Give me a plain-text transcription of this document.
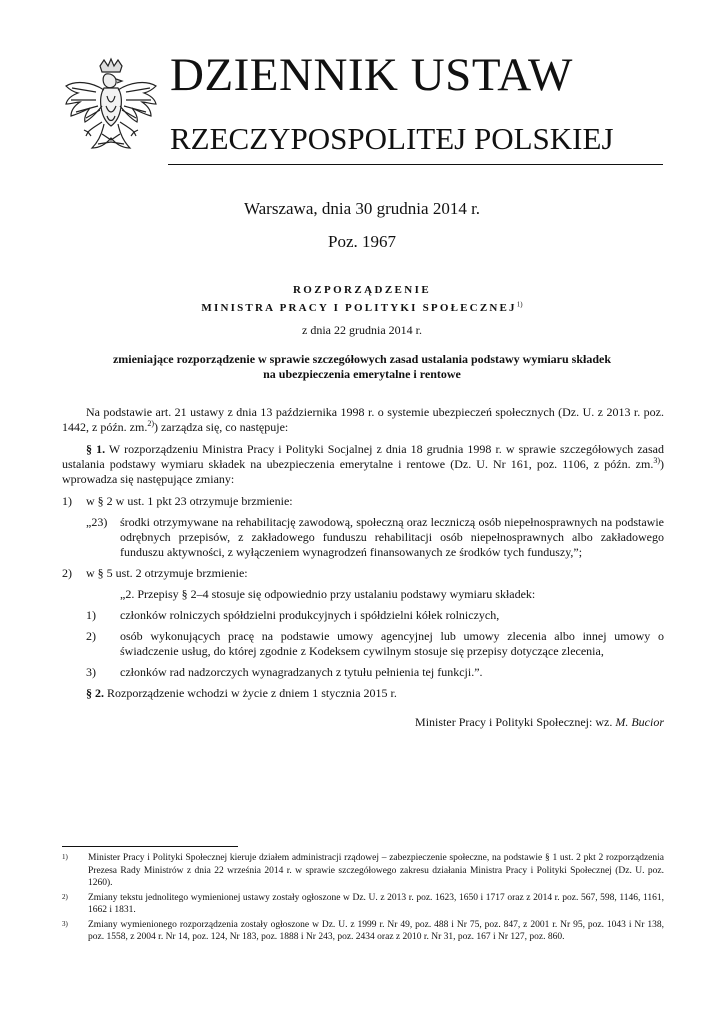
DZIENNIK USTAW
RZECZYPOSPOLITEJ POLSKIEJ
Warszawa, dnia 30 grudnia 2014 r.
Poz. 1967
ROZPORZĄDZENIE
MINISTRA PRACY I POLITYKI SPOŁECZNEJ$^{1)}$
z dnia 22 grudnia 2014 r.
zmieniające rozporządzenie w sprawie szczegółowych zasad ustalania podstawy wymiaru składek
na ubezpieczenia emerytalne i rentowe

Na podstawie art. 21 ustawy z dnia 13 października 1998 r. o systemie ubezpieczeń społecznych (Dz. U. z 2013 r. poz. 1442, z późn. zm.$^{2)}$) zarządza się, co następuje:

§ 1. W rozporządzeniu Ministra Pracy i Polityki Socjalnej z dnia 18 grudnia 1998 r. w sprawie szczegółowych zasad ustalania podstawy wymiaru składek na ubezpieczenia emerytalne i rentowe (Dz. U. Nr 161, poz. 1106, z późn. zm.$^{3)}$) wprowadza się następujące zmiany:

1)	w § 2 w ust. 1 pkt 23 otrzymuje brzmienie:
„23)	środki otrzymywane na rehabilitację zawodową, społeczną oraz leczniczą osób niepełnosprawnych na podstawie odrębnych przepisów, z zakładowego funduszu rehabilitacji osób niepełnosprawnych albo zakładowego funduszu aktywności, z wyłączeniem wynagrodzeń finansowanych ze środków tych funduszy,”;
2)	w § 5 ust. 2 otrzymuje brzmienie:
„2. Przepisy § 2–4 stosuje się odpowiednio przy ustalaniu podstawy wymiaru składek:
1)	członków rolniczych spółdzielni produkcyjnych i spółdzielni kółek rolniczych,
2)	osób wykonujących pracę na podstawie umowy agencyjnej lub umowy zlecenia albo innej umowy o świadczenie usług, do której zgodnie z Kodeksem cywilnym stosuje się przepisy dotyczące zlecenia,
3)	członków rad nadzorczych wynagradzanych z tytułu pełnienia tej funkcji.”.

§ 2. Rozporządzenie wchodzi w życie z dniem 1 stycznia 2015 r.

Minister Pracy i Polityki Społecznej: wz. M. Bucior
1)	Minister Pracy i Polityki Społecznej kieruje działem administracji rządowej – zabezpieczenie społeczne, na podstawie § 1 ust. 2 pkt 2 rozporządzenia Prezesa Rady Ministrów z dnia 22 września 2014 r. w sprawie szczegółowego zakresu działania Ministra Pracy i Polityki Społecznej (Dz. U. poz. 1260).
2)	Zmiany tekstu jednolitego wymienionej ustawy zostały ogłoszone w Dz. U. z 2013 r. poz. 1623, 1650 i 1717 oraz z 2014 r. poz. 567, 598, 1146, 1161, 1662 i 1831.
3)	Zmiany wymienionego rozporządzenia zostały ogłoszone w Dz. U. z 1999 r. Nr 49, poz. 488 i Nr 75, poz. 847, z 2001 r. Nr 95, poz. 1043 i Nr 138, poz. 1558, z 2004 r. Nr 14, poz. 124, Nr 183, poz. 1888 i Nr 243, poz. 2434 oraz z 2010 r. Nr 31, poz. 167 i Nr 127, poz. 860.
